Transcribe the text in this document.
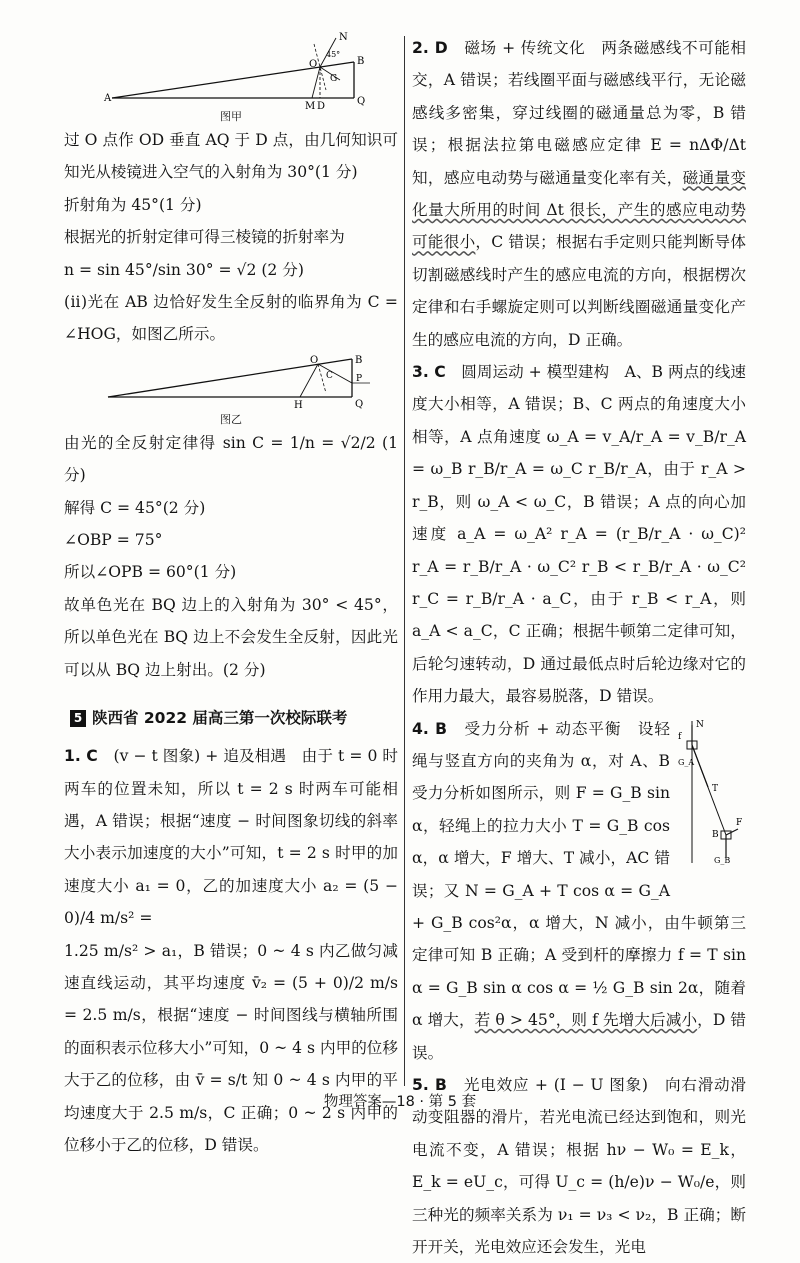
A
N
O
45°
B
G
M D	Q
图甲

过 O 点作 OD 垂直 AQ 于 D 点，由几何知识可知光从棱镜进入空气的入射角为 30°(1 分)

折射角为 45°(1 分)

根据光的折射定律可得三棱镜的折射率为

n = sin 45°/sin 30° = √2 (2 分)

(ⅱ)光在 AB 边恰好发生全反射的临界角为 C = ∠HOG，如图乙所示。

O	B
C	P
H	Q
图乙

由光的全反射定律得 sin C = 1/n = √2/2 (1 分)

解得 C = 45°(2 分)

∠OBP = 75°

所以∠OPB = 60°(1 分)

故单色光在 BQ 边上的入射角为 30° < 45°，所以单色光在 BQ 边上不会发生全反射，因此光可以从 BQ 边上射出。(2 分)

5 陕西省 2022 届高三第一次校际联考

1. C　 (v − t 图象) + 追及相遇　由于 t = 0 时两车的位置未知，所以 t = 2 s 时两车可能相遇，A 错误；根据“速度 − 时间图象切线的斜率大小表示加速度的大小”可知，t = 2 s 时甲的加速度大小 a₁ = 0，乙的加速度大小 a₂ = (5 − 0)/4 m/s² =

1.25 m/s² > a₁，B 错误；0 ~ 4 s 内乙做匀减速直线运动，其平均速度 v̄₂ = (5 + 0)/2 m/s = 2.5 m/s，根据“速度 − 时间图线与横轴所围的面积表示位移大小”可知，0 ~ 4 s 内甲的位移大于乙的位移，由 v̄ = s/t 知 0 ~ 4 s 内甲的平均速度大于 2.5 m/s，C 正确；0 ~ 2 s 内甲的位移小于乙的位移，D 错误。

2. D　 磁场 + 传统文化　两条磁感线不可能相交，A 错误；若线圈平面与磁感线平行，无论磁感线多密集，穿过线圈的磁通量总为零，B 错误；根据法拉第电磁感应定律 E = nΔΦ/Δt 知，感应电动势与磁通量变化率有关，磁通量变化量大所用的时间 Δt 很长，产生的感应电动势可能很小，C 错误；根据右手定则只能判断导体切割磁感线时产生的感应电流的方向，根据楞次定律和右手螺旋定则可以判断线圈磁通量变化产生的感应电流的方向，D 正确。

3. C　 圆周运动 + 模型建构　A、B 两点的线速度大小相等，A 错误；B、C 两点的角速度大小相等，A 点角速度 ω_A = v_A/r_A = v_B/r_A = ω_B r_B/r_A = ω_C r_B/r_A，由于 r_A > r_B，则 ω_A < ω_C，B 错误；A 点的向心加速度 a_A = ω_A² r_A = (r_B/r_A · ω_C)² r_A = r_B/r_A · ω_C² r_B < r_B/r_A · ω_C² r_C = r_B/r_A · a_C，由于 r_B < r_A，则 a_A < a_C，C 正确；根据牛顿第二定律可知，后轮匀速转动，D 通过最低点时后轮边缘对它的作用力最大，最容易脱落，D 错误。

N
f
G_A
T
F
B
G_B
4. B　 受力分析 + 动态平衡　设轻绳与竖直方向的夹角为 α，对 A、B 受力分析如图所示，则 F = G_B sin α，轻绳上的拉力大小 T = G_B cos α，α 增大，F 增大、T 减小，AC 错误；又 N = G_A + T cos α = G_A + G_B cos²α，α 增大，N 减小，由牛顿第三定律可知 B 正确；A 受到杆的摩擦力 f = T sin α = G_B sin α cos α = ½ G_B sin 2α，随着 α 增大，若 θ > 45°，则 f 先增大后减小，D 错误。

5. B　 光电效应 + (I − U 图象)　向右滑动滑动变阻器的滑片，若光电流已经达到饱和，则光电流不变，A 错误；根据 hν − W₀ = E_k，E_k = eU_c，可得 U_c = (h/e)ν − W₀/e，则三种光的频率关系为 ν₁ = ν₃ < ν₂，B 正确；断开开关，光电效应还会发生，光电

物理答案—18 · 第 5 套
